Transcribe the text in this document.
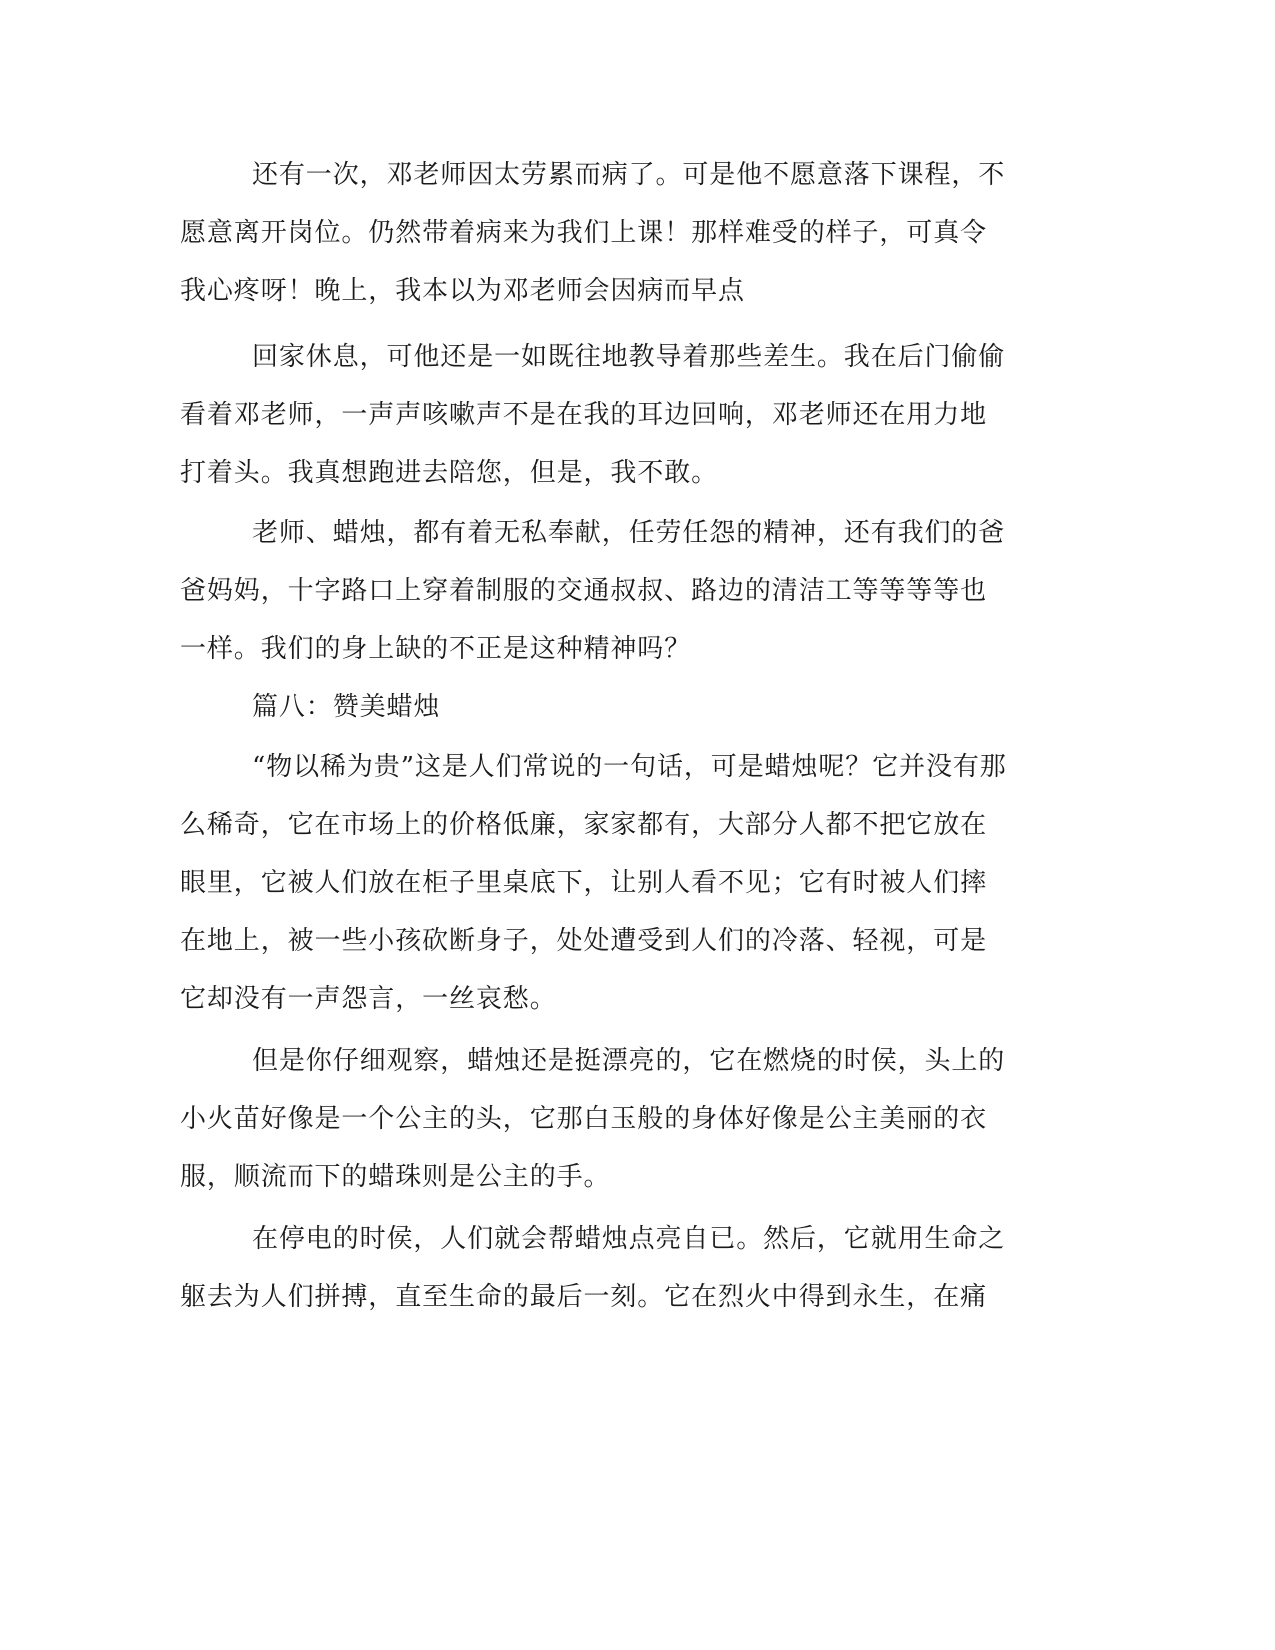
还有一次，邓老师因太劳累而病了。可是他不愿意落下课程，不
愿意离开岗位。仍然带着病来为我们上课！那样难受的样子，可真令
我心疼呀！晚上，我本以为邓老师会因病而早点
回家休息，可他还是一如既往地教导着那些差生。我在后门偷偷
看着邓老师，一声声咳嗽声不是在我的耳边回响，邓老师还在用力地
打着头。我真想跑进去陪您，但是，我不敢。
老师、蜡烛，都有着无私奉献，任劳任怨的精神，还有我们的爸
爸妈妈，十字路口上穿着制服的交通叔叔、路边的清洁工等等等等也
一样。我们的身上缺的不正是这种精神吗？
篇八：赞美蜡烛
“物以稀为贵”这是人们常说的一句话，可是蜡烛呢？它并没有那
么稀奇，它在市场上的价格低廉，家家都有，大部分人都不把它放在
眼里，它被人们放在柜子里桌底下，让别人看不见；它有时被人们摔
在地上，被一些小孩砍断身子，处处遭受到人们的冷落、轻视，可是
它却没有一声怨言，一丝哀愁。
但是你仔细观察，蜡烛还是挺漂亮的，它在燃烧的时侯，头上的
小火苗好像是一个公主的头，它那白玉般的身体好像是公主美丽的衣
服，顺流而下的蜡珠则是公主的手。
在停电的时侯，人们就会帮蜡烛点亮自已。然后，它就用生命之
躯去为人们拼搏，直至生命的最后一刻。它在烈火中得到永生，在痛
